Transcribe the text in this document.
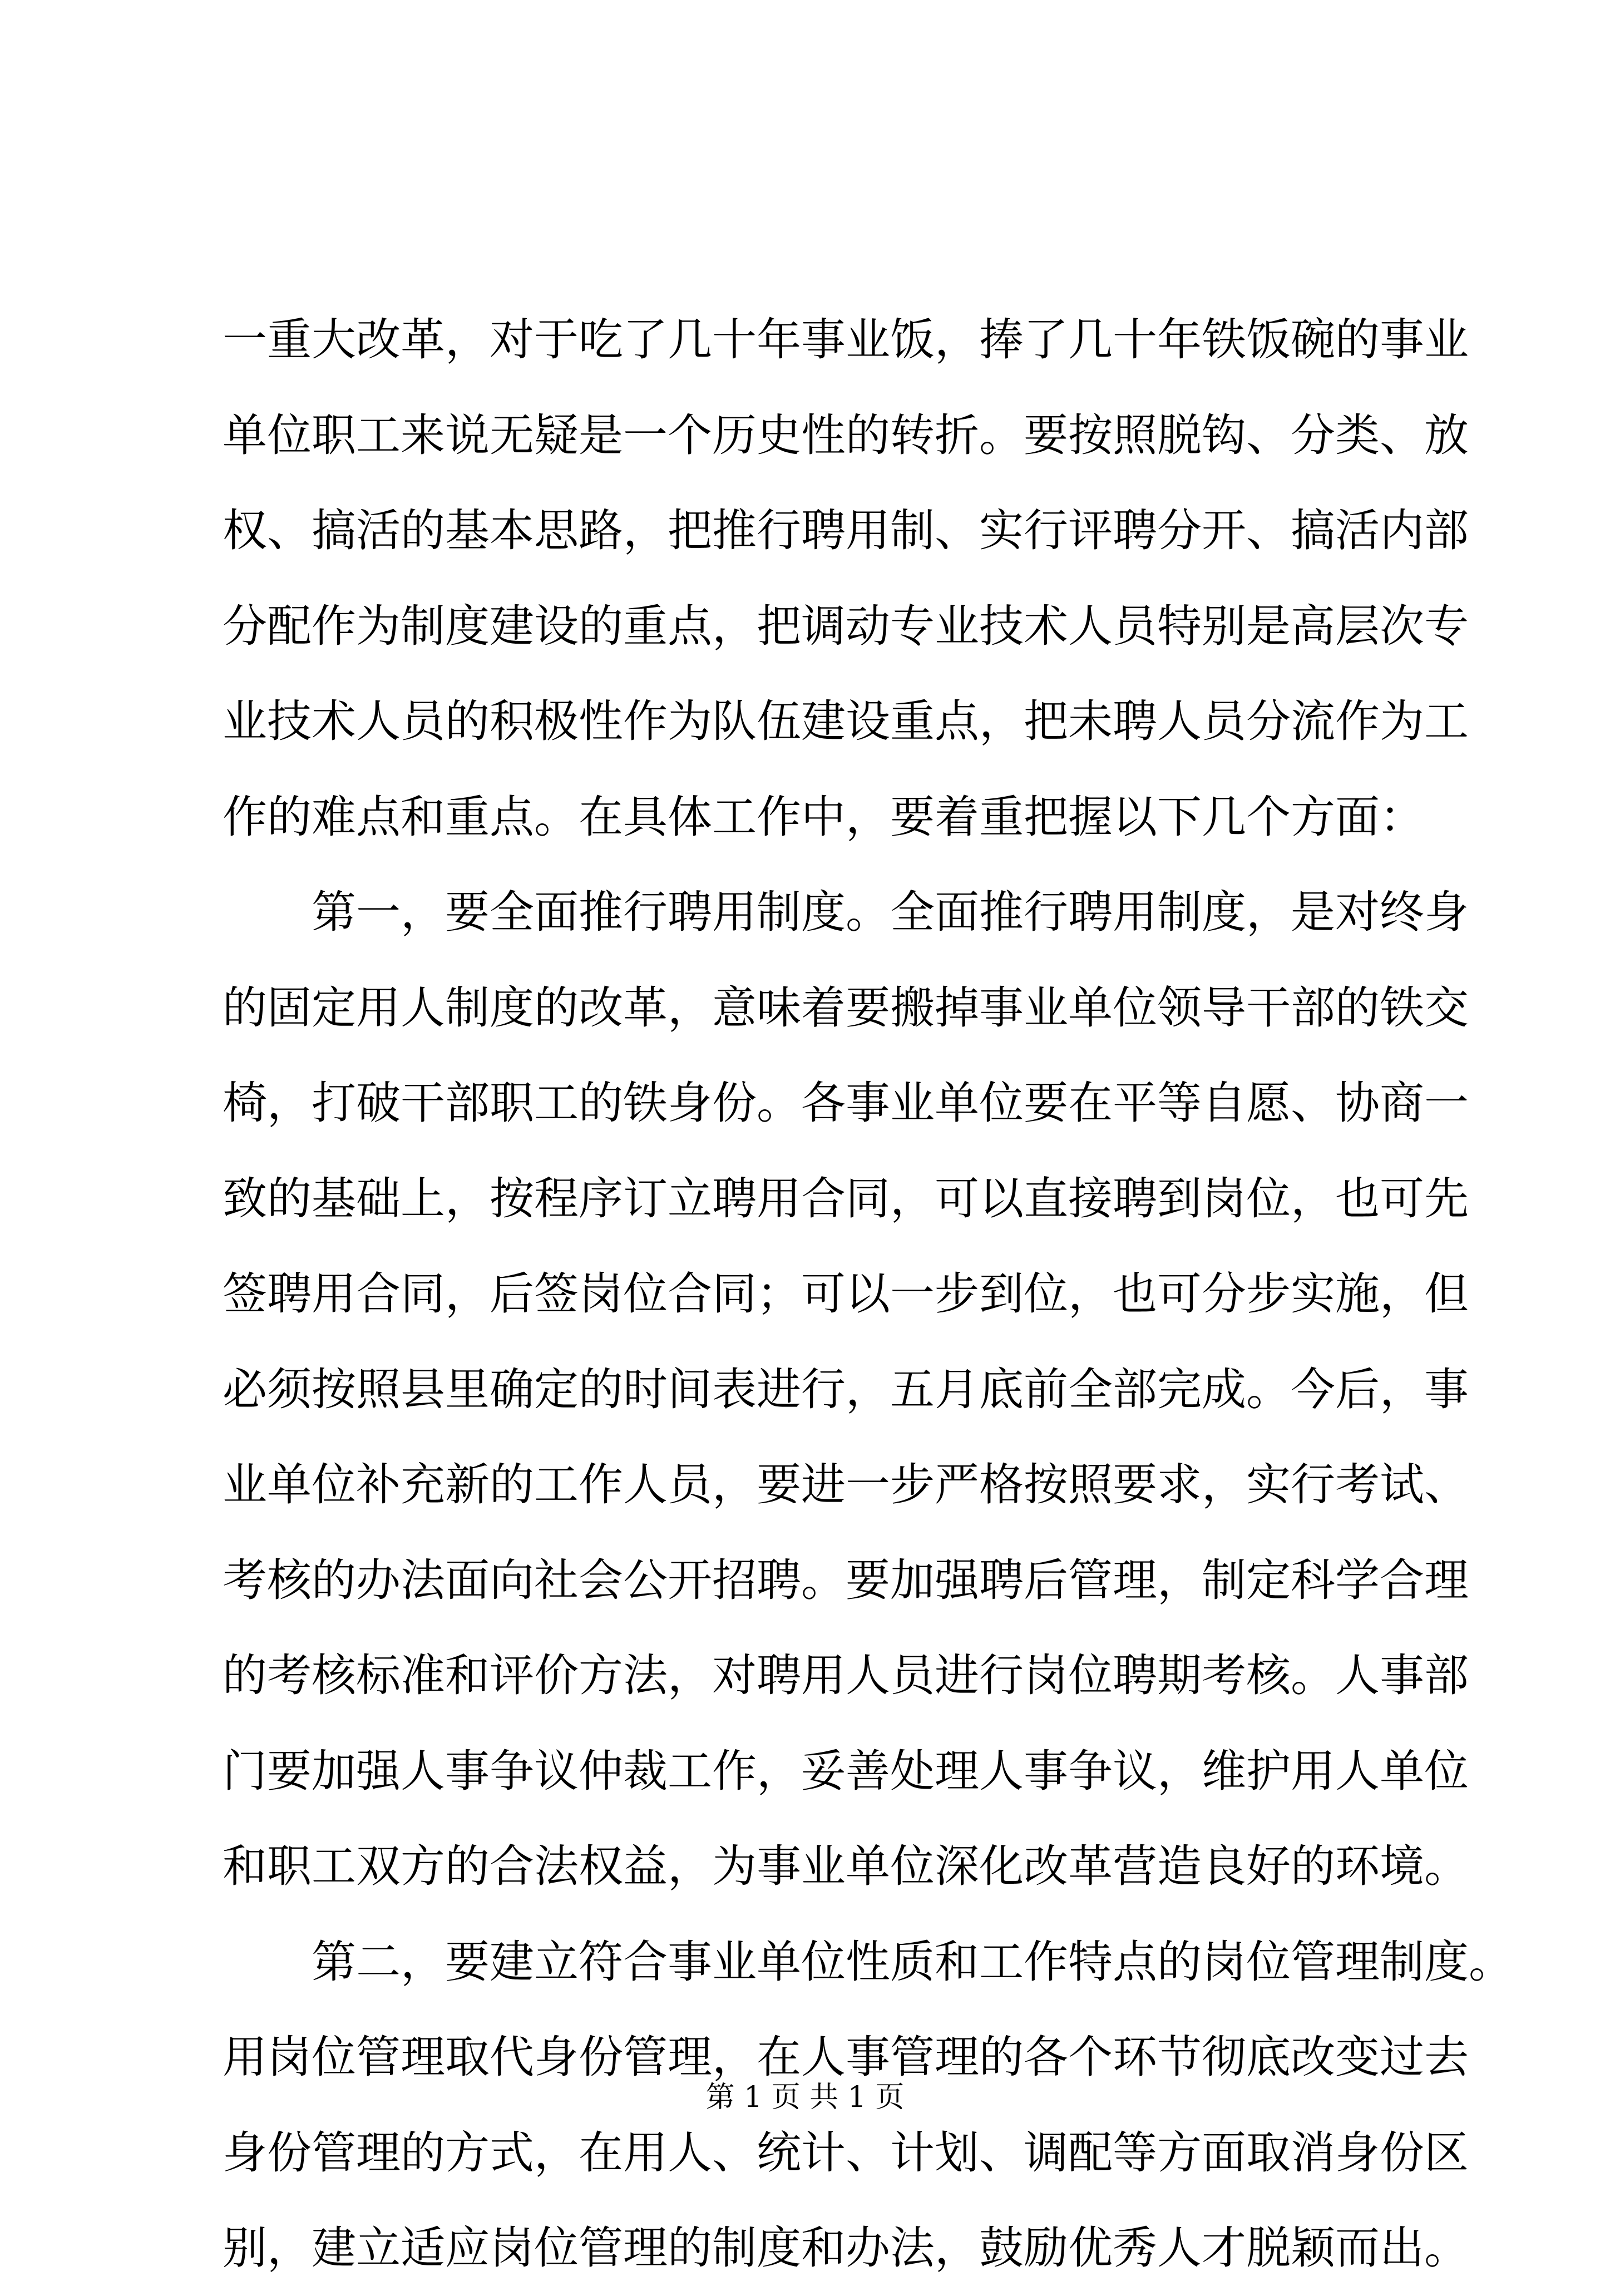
一重大改革，对于吃了几十年事业饭，捧了几十年铁饭碗的事业
单位职工来说无疑是一个历史性的转折。要按照脱钩、分类、放
权、搞活的基本思路，把推行聘用制、实行评聘分开、搞活内部
分配作为制度建设的重点，把调动专业技术人员特别是高层次专
业技术人员的积极性作为队伍建设重点，把未聘人员分流作为工
作的难点和重点。在具体工作中，要着重把握以下几个方面：
第一，要全面推行聘用制度。全面推行聘用制度，是对终身
的固定用人制度的改革，意味着要搬掉事业单位领导干部的铁交
椅，打破干部职工的铁身份。各事业单位要在平等自愿、协商一
致的基础上，按程序订立聘用合同，可以直接聘到岗位，也可先
签聘用合同，后签岗位合同；可以一步到位，也可分步实施，但
必须按照县里确定的时间表进行，五月底前全部完成。今后，事
业单位补充新的工作人员，要进一步严格按照要求，实行考试、
考核的办法面向社会公开招聘。要加强聘后管理，制定科学合理
的考核标准和评价方法，对聘用人员进行岗位聘期考核。人事部
门要加强人事争议仲裁工作，妥善处理人事争议，维护用人单位
和职工双方的合法权益，为事业单位深化改革营造良好的环境。
第二，要建立符合事业单位性质和工作特点的岗位管理制度。
用岗位管理取代身份管理，在人事管理的各个环节彻底改变过去
身份管理的方式，在用人、统计、计划、调配等方面取消身份区
别，建立适应岗位管理的制度和办法，鼓励优秀人才脱颖而出。
第 1 页 共 1 页
